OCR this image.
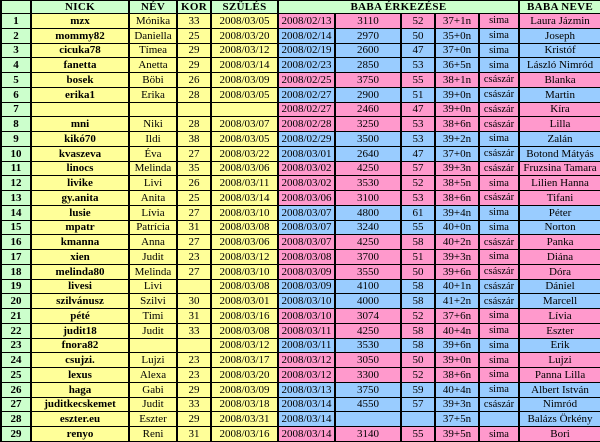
	NICK	NÉV	KOR	SZÜLÉS	BABA ÉRKEZÉSE					BABA NEVE
1	mzx	Mónika	33	2008/03/05	2008/02/13	3110	52	37+1n	sima	Laura Jázmin
2	mommy82	Daniella	25	2008/03/20	2008/02/14	2970	50	35+0n	sima	Joseph
3	cicuka78	Tímea	29	2008/03/12	2008/02/19	2600	47	37+0n	sima	Kristóf
4	fanetta	Anetta	29	2008/03/14	2008/02/23	2850	53	36+5n	sima	László Nimród
5	bosek	Böbi	26	2008/03/09	2008/02/25	3750	55	38+1n	császár	Blanka
6	erika1	Erika	28	2008/03/05	2008/02/27	2900	51	39+0n	császár	Martin
7					2008/02/27	2460	47	39+0n	császár	Kíra
8	mni	Niki	28	2008/03/07	2008/02/28	3250	53	38+6n	császár	Lilla
9	kikó70	Ildi	38	2008/03/05	2008/02/29	3500	53	39+2n	sima	Zalán
10	kvaszeva	Éva	27	2008/03/22	2008/03/01	2640	47	37+0n	császár	Botond Mátyás
11	linocs	Melinda	35	2008/03/06	2008/03/02	4250	57	39+3n	császár	Fruzsina Tamara
12	livike	Livi	26	2008/03/11	2008/03/02	3530	52	38+5n	sima	Lilien Hanna
13	gy.anita	Anita	25	2008/03/14	2008/03/06	3100	53	38+6n	császár	Tifani
14	lusie	Lívia	27	2008/03/10	2008/03/07	4800	61	39+4n	sima	Péter
15	mpatr	Patrícia	31	2008/03/08	2008/03/07	3240	55	40+0n	sima	Norton
16	kmanna	Anna	27	2008/03/06	2008/03/07	4250	58	40+2n	császár	Panka
17	xien	Judit	23	2008/03/12	2008/03/08	3700	51	39+3n	sima	Diána
18	melinda80	Melinda	27	2008/03/10	2008/03/09	3550	50	39+6n	császár	Dóra
19	livesi	Livi		2008/03/08	2008/03/09	4100	58	40+1n	császár	Dániel
20	szilvánusz	Szilvi	30	2008/03/01	2008/03/10	4000	58	41+2n	császár	Marcell
21	pété	Timi	31	2008/03/16	2008/03/10	3074	52	37+6n	sima	Lívia
22	judit18	Judit	33	2008/03/08	2008/03/11	4250	58	40+4n	sima	Eszter
23	fnora82			2008/03/12	2008/03/11	3530	58	39+6n	sima	Erik
24	csujzi.	Lujzi	23	2008/03/17	2008/03/12	3050	50	39+0n	sima	Lujzi
25	lexus	Alexa	23	2008/03/20	2008/03/12	3300	52	38+6n	sima	Panna Lilla
26	haga	Gabi	29	2008/03/09	2008/03/13	3750	59	40+4n	sima	Albert István
27	juditkecskemet	Judit	33	2008/03/18	2008/03/14	4550	57	39+3n	császár	Nimród
28	eszter.eu	Eszter	29	2008/03/31	2008/03/14			37+5n		Balázs Örkény
29	renyo	Reni	31	2008/03/16	2008/03/14	3140	55	39+5n	sima	Bori
